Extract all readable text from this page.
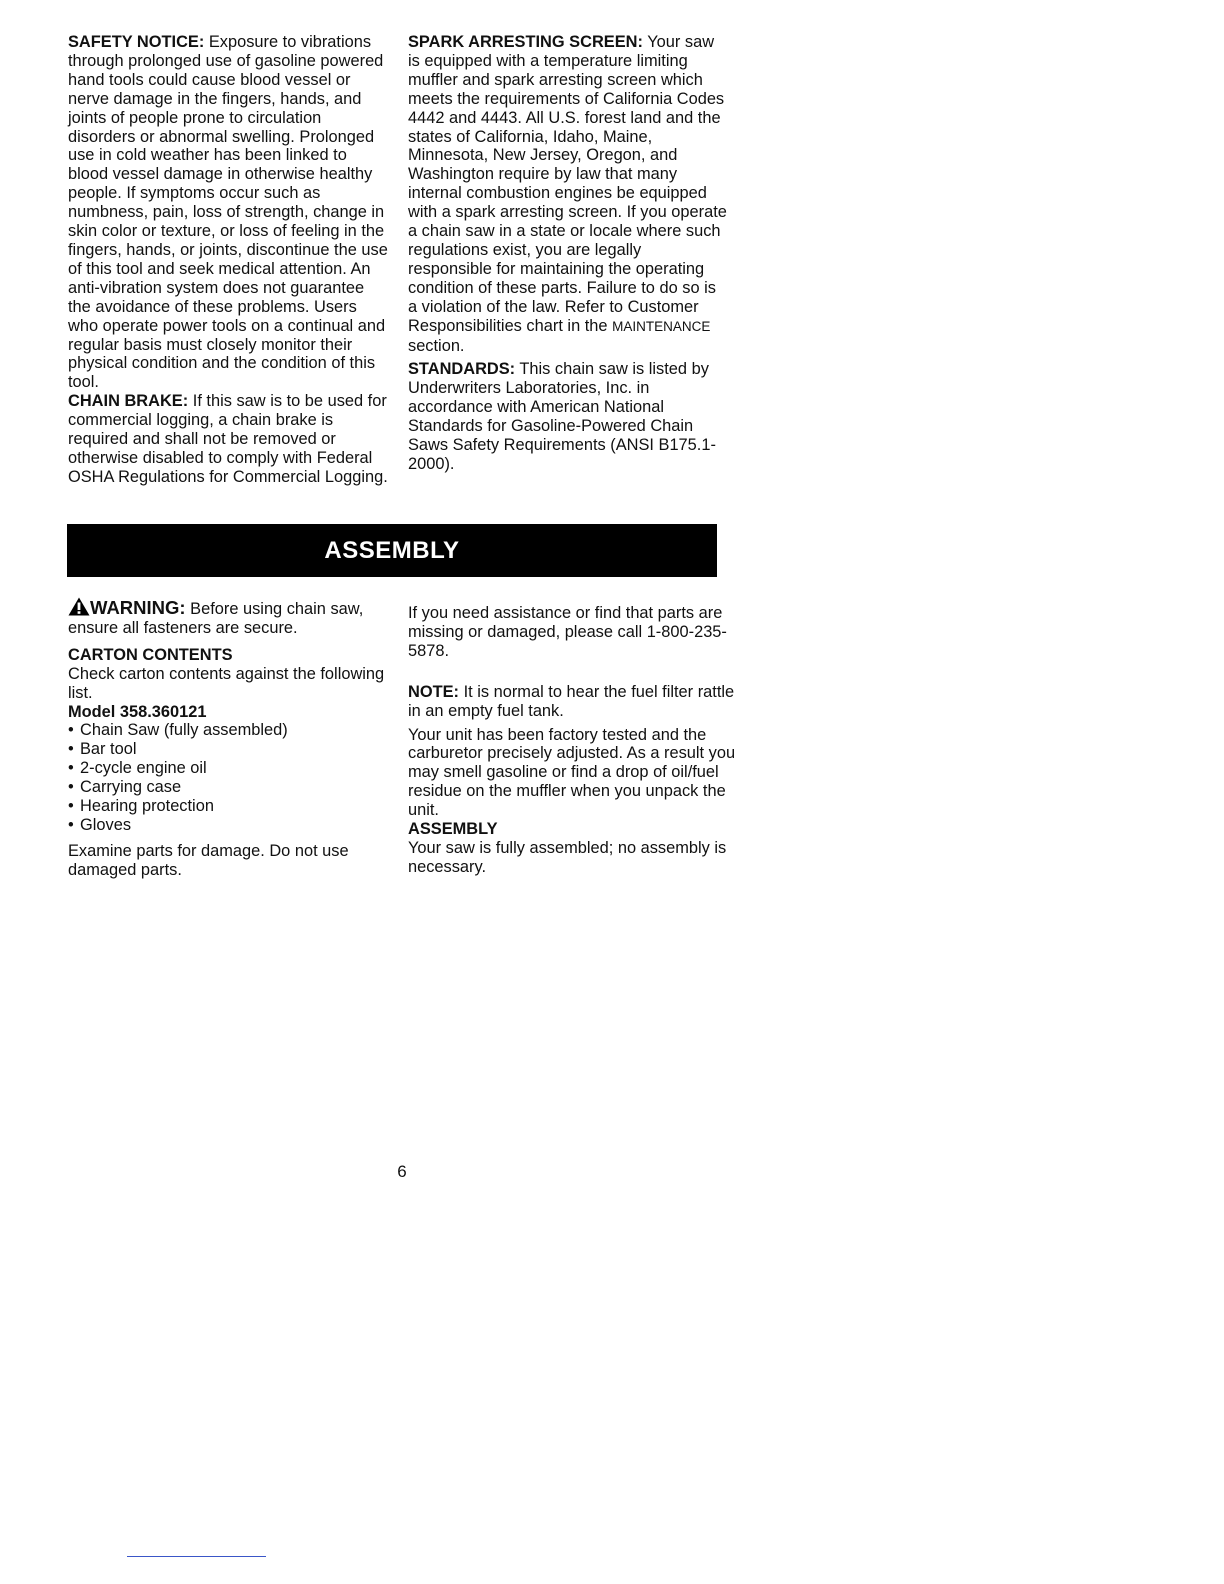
SAFETY NOTICE: Exposure to vibrations through prolonged use of gasoline powered hand tools could cause blood vessel or nerve damage in the fingers, hands, and joints of people prone to circulation disorders or abnormal swelling. Prolonged use in cold weather has been linked to blood vessel damage in otherwise healthy people. If symptoms occur such as numbness, pain, loss of strength, change in skin color or texture, or loss of feeling in the fingers, hands, or joints, discontinue the use of this tool and seek medical attention. An anti-vibration system does not guarantee the avoidance of these problems. Users who operate power tools on a continual and regular basis must closely monitor their physical condition and the condition of this tool.

CHAIN BRAKE: If this saw is to be used for commercial logging, a chain brake is required and shall not be removed or otherwise disabled to comply with Federal OSHA Regulations for Commercial Logging.

SPARK ARRESTING SCREEN: Your saw is equipped with a temperature limiting muffler and spark arresting screen which meets the requirements of California Codes 4442 and 4443. All U.S. forest land and the states of California, Idaho, Maine, Minnesota, New Jersey, Oregon, and Washington require by law that many internal combustion engines be equipped with a spark arresting screen. If you operate a chain saw in a state or locale where such regulations exist, you are legally responsible for maintaining the operating condition of these parts. Failure to do so is a violation of the law. Refer to Customer Responsibilities chart in the MAINTENANCE section.

STANDARDS: This chain saw is listed by Underwriters Laboratories, Inc. in accordance with American National Standards for Gasoline-Powered Chain Saws Safety Requirements (ANSI B175.1-2000).

ASSEMBLY

WARNING: Before using chain saw, ensure all fasteners are secure.

CARTON CONTENTS

Check carton contents against the following list.

Model 358.360121

• Chain Saw (fully assembled)
• Bar tool
• 2-cycle engine oil
• Carrying case
• Hearing protection
• Gloves

Examine parts for damage. Do not use damaged parts.

If you need assistance or find that parts are missing or damaged, please call 1-800-235-5878.

NOTE: It is normal to hear the fuel filter rattle in an empty fuel tank.

Your unit has been factory tested and the carburetor precisely adjusted. As a result you may smell gasoline or find a drop of oil/fuel residue on the muffler when you unpack the unit.

ASSEMBLY

Your saw is fully assembled; no assembly is necessary.

6
